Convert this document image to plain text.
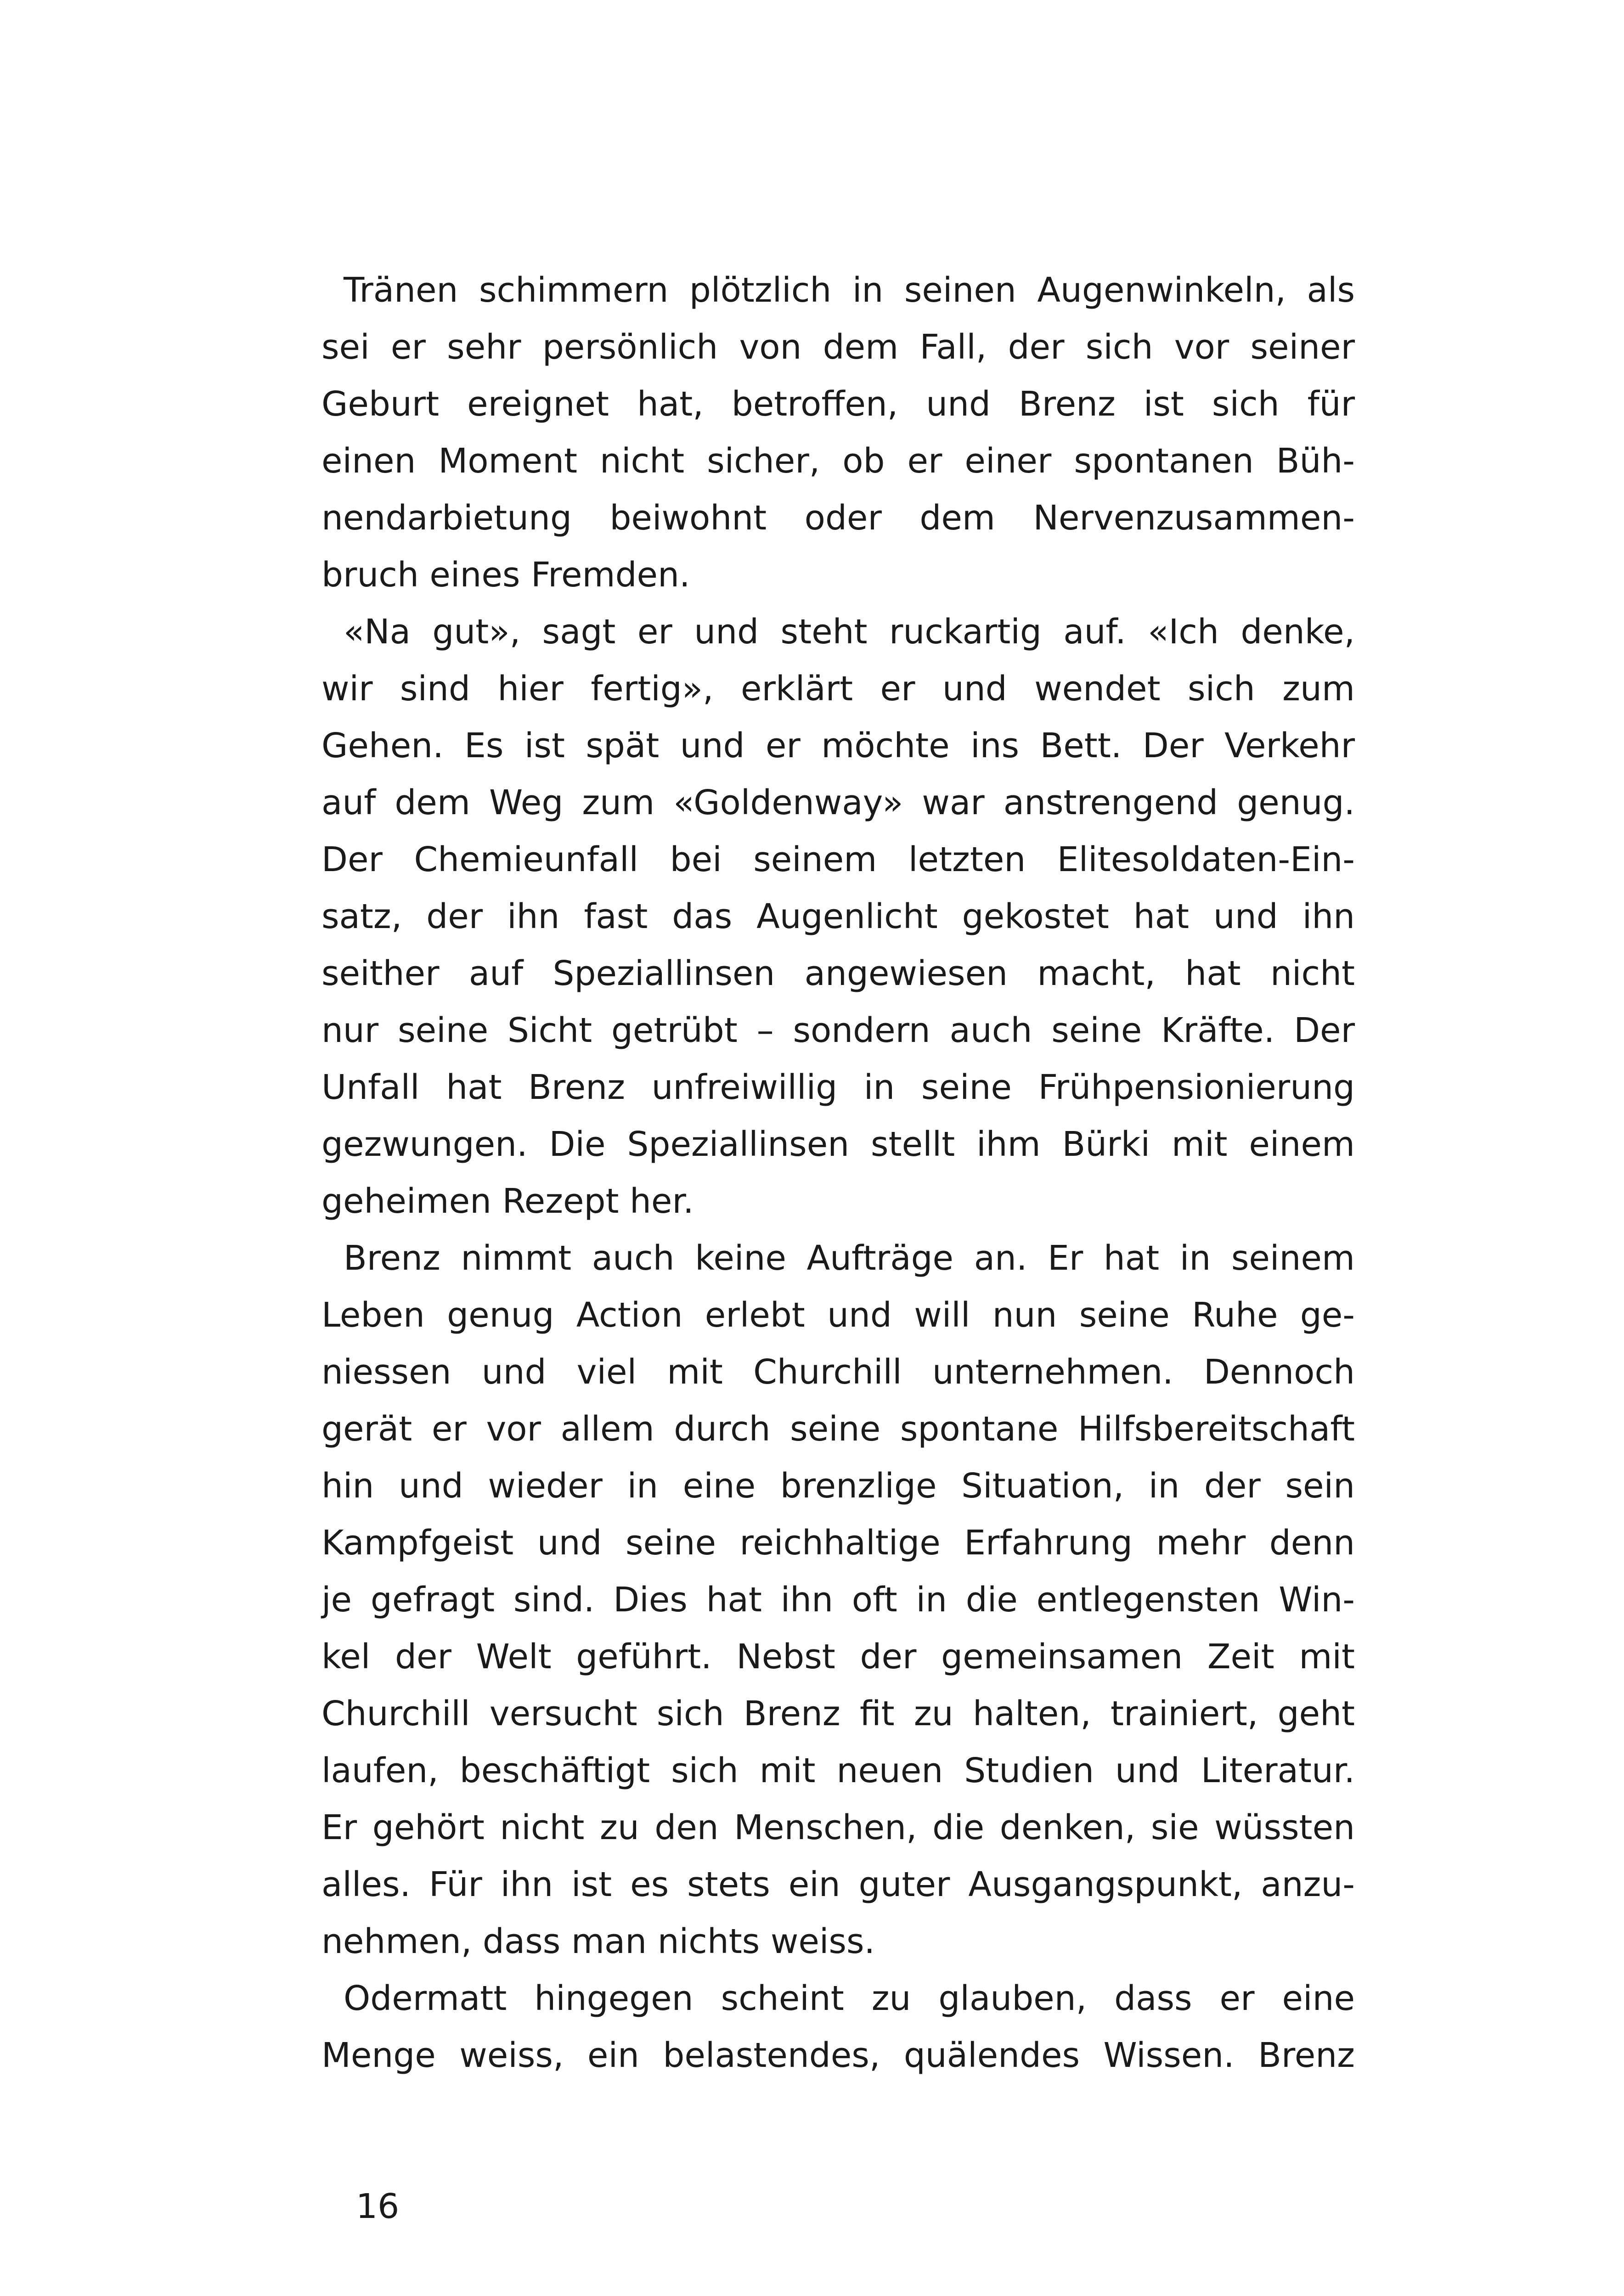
Tränen schimmern plötzlich in seinen Augenwinkeln, als
sei er sehr persönlich von dem Fall, der sich vor seiner
Geburt ereignet hat, betroffen, und Brenz ist sich für
einen Moment nicht sicher, ob er einer spontanen Büh-
nendarbietung beiwohnt oder dem Nervenzusammen-
bruch eines Fremden.
«Na gut», sagt er und steht ruckartig auf. «Ich denke,
wir sind hier fertig», erklärt er und wendet sich zum
Gehen. Es ist spät und er möchte ins Bett. Der Verkehr
auf dem Weg zum «Goldenway» war anstrengend genug.
Der Chemieunfall bei seinem letzten Elitesoldaten-Ein-
satz, der ihn fast das Augenlicht gekostet hat und ihn
seither auf Speziallinsen angewiesen macht, hat nicht
nur seine Sicht getrübt – sondern auch seine Kräfte. Der
Unfall hat Brenz unfreiwillig in seine Frühpensionierung
gezwungen. Die Speziallinsen stellt ihm Bürki mit einem
geheimen Rezept her.
Brenz nimmt auch keine Aufträge an. Er hat in seinem
Leben genug Action erlebt und will nun seine Ruhe ge-
niessen und viel mit Churchill unternehmen. Dennoch
gerät er vor allem durch seine spontane Hilfsbereitschaft
hin und wieder in eine brenzlige Situation, in der sein
Kampfgeist und seine reichhaltige Erfahrung mehr denn
je gefragt sind. Dies hat ihn oft in die entlegensten Win-
kel der Welt geführt. Nebst der gemeinsamen Zeit mit
Churchill versucht sich Brenz fit zu halten, trainiert, geht
laufen, beschäftigt sich mit neuen Studien und Literatur.
Er gehört nicht zu den Menschen, die denken, sie wüssten
alles. Für ihn ist es stets ein guter Ausgangspunkt, anzu-
nehmen, dass man nichts weiss.
Odermatt hingegen scheint zu glauben, dass er eine
Menge weiss, ein belastendes, quälendes Wissen. Brenz
16
